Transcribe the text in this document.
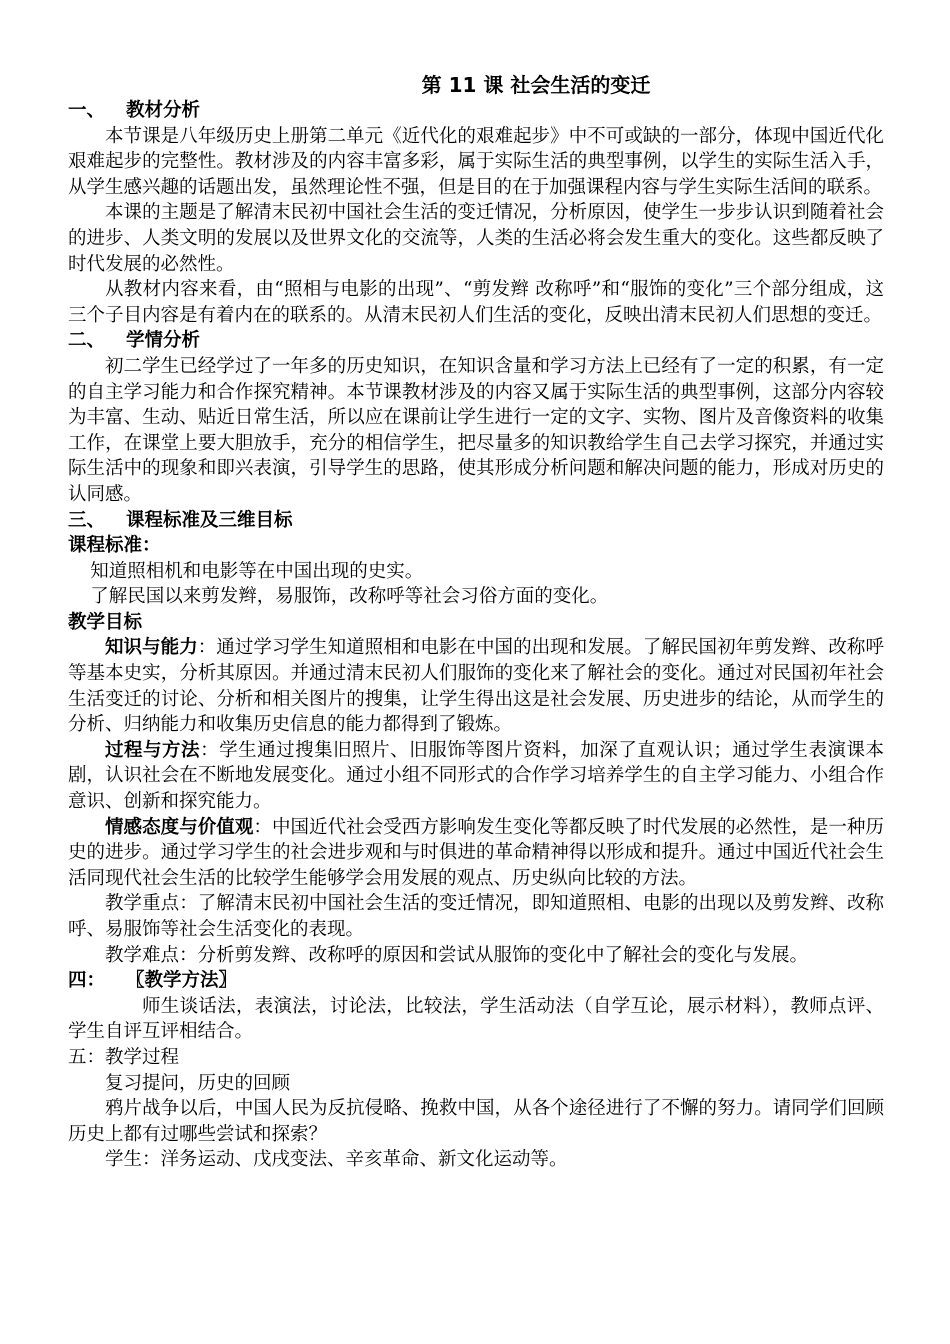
第 11 课 社会生活的变迁
一、 教材分析

本节课是八年级历史上册第二单元《近代化的艰难起步》中不可或缺的一部分，体现中国近代化艰难起步的完整性。教材涉及的内容丰富多彩，属于实际生活的典型事例，以学生的实际生活入手，从学生感兴趣的话题出发，虽然理论性不强，但是目的在于加强课程内容与学生实际生活间的联系。

本课的主题是了解清末民初中国社会生活的变迁情况，分析原因，使学生一步步认识到随着社会的进步、人类文明的发展以及世界文化的交流等，人类的生活必将会发生重大的变化。这些都反映了时代发展的必然性。

从教材内容来看，由“照相与电影的出现”、“剪发辫 改称呼”和“服饰的变化”三个部分组成，这三个子目内容是有着内在的联系的。从清末民初人们生活的变化，反映出清末民初人们思想的变迁。

二、 学情分析

初二学生已经学过了一年多的历史知识，在知识含量和学习方法上已经有了一定的积累，有一定的自主学习能力和合作探究精神。本节课教材涉及的内容又属于实际生活的典型事例，这部分内容较为丰富、生动、贴近日常生活，所以应在课前让学生进行一定的文字、实物、图片及音像资料的收集工作，在课堂上要大胆放手，充分的相信学生，把尽量多的知识教给学生自己去学习探究，并通过实际生活中的现象和即兴表演，引导学生的思路，使其形成分析问题和解决问题的能力，形成对历史的认同感。

三、 课程标准及三维目标
课程标准：

知道照相机和电影等在中国出现的史实。

了解民国以来剪发辫，易服饰，改称呼等社会习俗方面的变化。

教学目标

知识与能力：通过学习学生知道照相和电影在中国的出现和发展。了解民国初年剪发辫、改称呼等基本史实，分析其原因。并通过清末民初人们服饰的变化来了解社会的变化。通过对民国初年社会生活变迁的讨论、分析和相关图片的搜集，让学生得出这是社会发展、历史进步的结论，从而学生的分析、归纳能力和收集历史信息的能力都得到了锻炼。

过程与方法：学生通过搜集旧照片、旧服饰等图片资料，加深了直观认识；通过学生表演课本剧，认识社会在不断地发展变化。通过小组不同形式的合作学习培养学生的自主学习能力、小组合作意识、创新和探究能力。

情感态度与价值观：中国近代社会受西方影响发生变化等都反映了时代发展的必然性，是一种历史的进步。通过学习学生的社会进步观和与时俱进的革命精神得以形成和提升。通过中国近代社会生活同现代社会生活的比较学生能够学会用发展的观点、历史纵向比较的方法。

教学重点：了解清末民初中国社会生活的变迁情况，即知道照相、电影的出现以及剪发辫、改称呼、易服饰等社会生活变化的表现。

教学难点：分析剪发辫、改称呼的原因和尝试从服饰的变化中了解社会的变化与发展。

四： 〖教学方法〗

师生谈话法，表演法，讨论法，比较法，学生活动法（自学互论，展示材料），教师点评、学生自评互评相结合。

五：教学过程

复习提问，历史的回顾

鸦片战争以后，中国人民为反抗侵略、挽救中国，从各个途径进行了不懈的努力。请同学们回顾历史上都有过哪些尝试和探索？

学生：洋务运动、戊戌变法、辛亥革命、新文化运动等。
